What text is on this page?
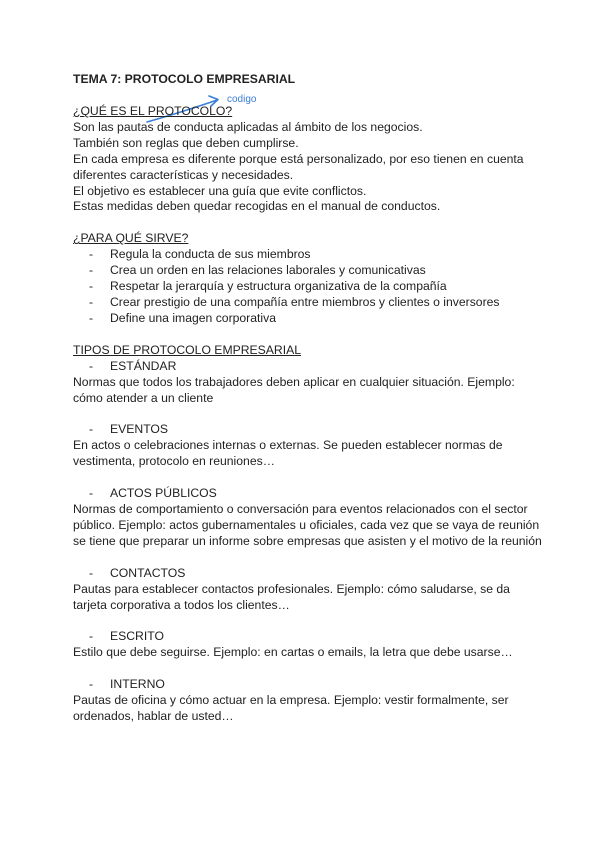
codigo

TEMA 7: PROTOCOLO EMPRESARIAL

¿QUÉ ES EL PROTOCOLO?

Son las pautas de conducta aplicadas al ámbito de los negocios.

También son reglas que deben cumplirse.

En cada empresa es diferente porque está personalizado, por eso tienen en cuenta diferentes características y necesidades.

El objetivo es establecer una guía que evite conflictos.

Estas medidas deben quedar recogidas en el manual de conductos.

¿PARA QUÉ SIRVE?

- Regula la conducta de sus miembros
- Crea un orden en las relaciones laborales y comunicativas
- Respetar la jerarquía y estructura organizativa de la compañía
- Crear prestigio de una compañía entre miembros y clientes o inversores
- Define una imagen corporativa

TIPOS DE PROTOCOLO EMPRESARIAL

- ESTÁNDAR

Normas que todos los trabajadores deben aplicar en cualquier situación. Ejemplo: cómo atender a un cliente

- EVENTOS

En actos o celebraciones internas o externas. Se pueden establecer normas de vestimenta, protocolo en reuniones…

- ACTOS PÚBLICOS

Normas de comportamiento o conversación para eventos relacionados con el sector público. Ejemplo: actos gubernamentales u oficiales, cada vez que se vaya de reunión se tiene que preparar un informe sobre empresas que asisten y el motivo de la reunión

- CONTACTOS

Pautas para establecer contactos profesionales. Ejemplo: cómo saludarse, se da tarjeta corporativa a todos los clientes…

- ESCRITO

Estilo que debe seguirse. Ejemplo: en cartas o emails, la letra que debe usarse…

- INTERNO

Pautas de oficina y cómo actuar en la empresa. Ejemplo: vestir formalmente, ser ordenados, hablar de usted…
